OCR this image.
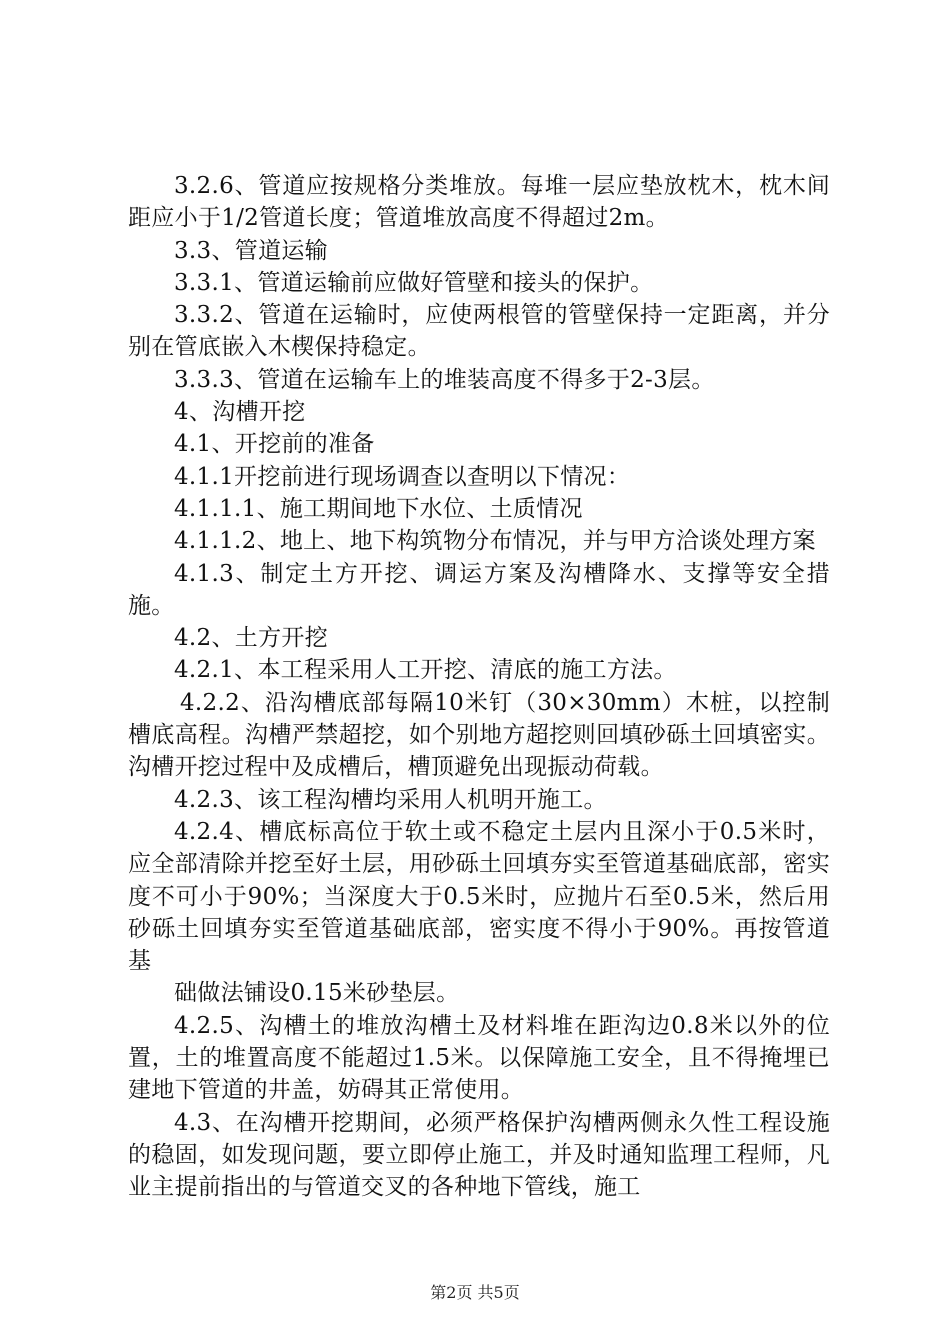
3.2.6、管道应按规格分类堆放。每堆一层应垫放枕木，枕木间距应小于1/2管道长度；管道堆放高度不得超过2m。

3.3、管道运输

3.3.1、管道运输前应做好管壁和接头的保护。

3.3.2、管道在运输时，应使两根管的管壁保持一定距离，并分别在管底嵌入木楔保持稳定。

3.3.3、管道在运输车上的堆装高度不得多于2-3层。

4、沟槽开挖

4.1、开挖前的准备

4.1.1开挖前进行现场调查以查明以下情况：

4.1.1.1、施工期间地下水位、土质情况

4.1.1.2、地上、地下构筑物分布情况，并与甲方洽谈处理方案

4.1.3、制定土方开挖、调运方案及沟槽降水、支撑等安全措施。

4.2、土方开挖

4.2.1、本工程采用人工开挖、清底的施工方法。

4.2.2、沿沟槽底部每隔10米钉（30×30mm）木桩，以控制槽底高程。沟槽严禁超挖，如个别地方超挖则回填砂砾土回填密实。沟槽开挖过程中及成槽后，槽顶避免出现振动荷载。

4.2.3、该工程沟槽均采用人机明开施工。

4.2.4、槽底标高位于软土或不稳定土层内且深小于0.5米时，应全部清除并挖至好土层，用砂砾土回填夯实至管道基础底部，密实度不可小于90%；当深度大于0.5米时，应抛片石至0.5米，然后用砂砾土回填夯实至管道基础底部，密实度不得小于90%。再按管道基

础做法铺设0.15米砂垫层。

4.2.5、沟槽土的堆放沟槽土及材料堆在距沟边0.8米以外的位置，土的堆置高度不能超过1.5米。以保障施工安全，且不得掩埋已建地下管道的井盖，妨碍其正常使用。

4.3、在沟槽开挖期间，必须严格保护沟槽两侧永久性工程设施的稳固，如发现问题，要立即停止施工，并及时通知监理工程师，凡业主提前指出的与管道交叉的各种地下管线，施工

第2页 共5页
